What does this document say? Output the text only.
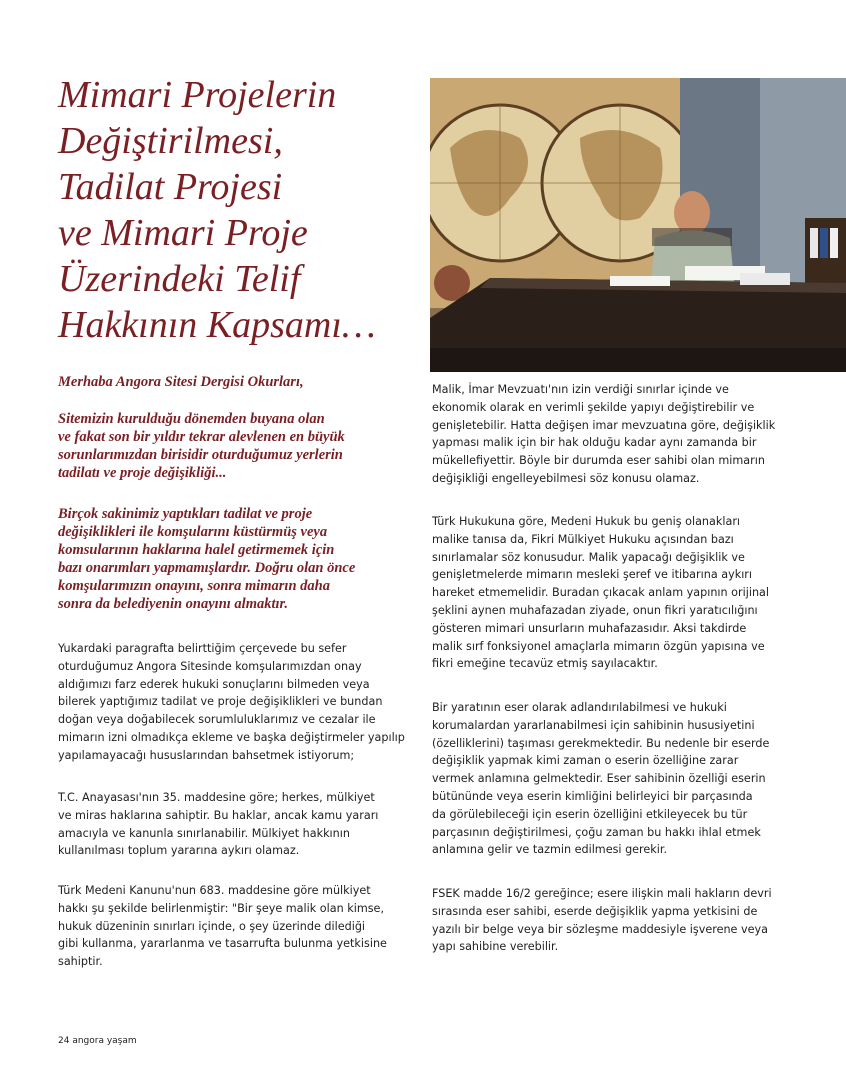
Mimari Projelerin
Değiştirilmesi,
Tadilat Projesi
ve Mimari Proje
Üzerindeki Telif
Hakkının Kapsamı…

Merhaba Angora Sitesi Dergisi Okurları,

Sitemizin kurulduğu dönemden buyana olan
ve fakat son bir yıldır tekrar alevlenen en büyük
sorunlarımızdan birisidir oturduğumuz yerlerin
tadilatı ve proje değişikliği...

Birçok sakinimiz yaptıkları tadilat ve proje
değişiklikleri ile komşularını küstürmüş veya
komsularının haklarına halel getirmemek için
bazı onarımları yapmamışlardır. Doğru olan önce
komşularımızın onayını, sonra mimarın daha
sonra da belediyenin onayını almaktır.

Yukardaki paragrafta belirttiğim çerçevede bu sefer
oturduğumuz Angora Sitesinde komşularımızdan onay
aldığımızı farz ederek hukuki sonuçlarını bilmeden veya
bilerek yaptığımız tadilat ve proje değişiklikleri ve bundan
doğan veya doğabilecek sorumluluklarımız ve cezalar ile
mimarın izni olmadıkça ekleme ve başka değiştirmeler yapılıp
yapılamayacağı hususlarından bahsetmek istiyorum;

T.C. Anayasası'nın 35. maddesine göre; herkes, mülkiyet
ve miras haklarına sahiptir. Bu haklar, ancak kamu yararı
amacıyla ve kanunla sınırlanabilir. Mülkiyet hakkının
kullanılması toplum yararına aykırı olamaz.

Türk Medeni Kanunu'nun 683. maddesine göre mülkiyet
hakkı şu şekilde belirlenmiştir: "Bir şeye malik olan kimse,
hukuk düzeninin sınırları içinde, o şey üzerinde dilediği
gibi kullanma, yararlanma ve tasarrufta bulunma yetkisine
sahiptir.

Malik, İmar Mevzuatı'nın izin verdiği sınırlar içinde ve
ekonomik olarak en verimli şekilde yapıyı değiştirebilir ve
genişletebilir. Hatta değişen imar mevzuatına göre, değişiklik
yapması malik için bir hak olduğu kadar aynı zamanda bir
mükellefiyettir. Böyle bir durumda eser sahibi olan mimarın
değişikliği engelleyebilmesi söz konusu olamaz.

Türk Hukukuna göre, Medeni Hukuk bu geniş olanakları
malike tanısa da, Fikri Mülkiyet Hukuku açısından bazı
sınırlamalar söz konusudur. Malik yapacağı değişiklik ve
genişletmelerde mimarın mesleki şeref ve itibarına aykırı
hareket etmemelidir. Buradan çıkacak anlam yapının orijinal
şeklini aynen muhafazadan ziyade, onun fikri yaratıcılığını
gösteren mimari unsurların muhafazasıdır. Aksi takdirde
malik sırf fonksiyonel amaçlarla mimarın özgün yapısına ve
fikri emeğine tecavüz etmiş sayılacaktır.

Bir yaratının eser olarak adlandırılabilmesi ve hukuki
korumalardan yararlanabilmesi için sahibinin hususiyetini
(özelliklerini) taşıması gerekmektedir. Bu nedenle bir eserde
değişiklik yapmak kimi zaman o eserin özelliğine zarar
vermek anlamına gelmektedir. Eser sahibinin özelliği eserin
bütününde veya eserin kimliğini belirleyici bir parçasında
da görülebileceği için eserin özelliğini etkileyecek bu tür
parçasının değiştirilmesi, çoğu zaman bu hakkı ihlal etmek
anlamına gelir ve tazmin edilmesi gerekir.

FSEK madde 16/2 gereğince; esere ilişkin mali hakların devri
sırasında eser sahibi, eserde değişiklik yapma yetkisini de
yazılı bir belge veya bir sözleşme maddesiyle işverene veya
yapı sahibine verebilir.

24 angora yaşam
